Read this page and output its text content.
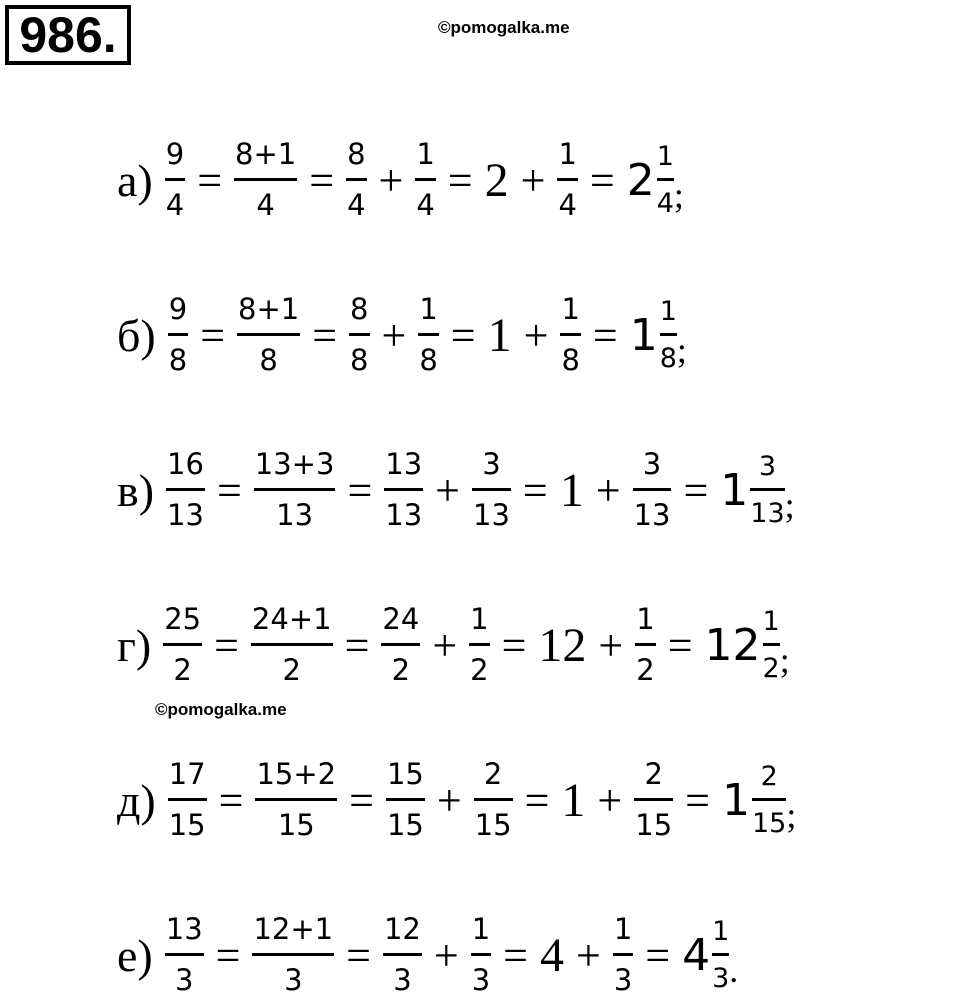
986.	©pomogalka.me
©pomogalka.me
$а) \frac{9}{4} = \frac{8+1}{4} = \frac{8}{4} + \frac{1}{4} = 2 + \frac{1}{4} = 2$ 1
4 ;
$б) \frac{9}{8} = \frac{8+1}{8} = \frac{8}{8} + \frac{1}{8} = 1 + \frac{1}{8} = 1$ 1
8 ;
$в) \frac{16}{13} = \frac{13+3}{13} = \frac{13}{13} + \frac{3}{13} = 1 + \frac{3}{13} = 1$ 3
13 ;
$г) \frac{25}{2} = \frac{24+1}{2} = \frac{24}{2} + \frac{1}{2} = 12 + \frac{1}{2} = 12$ 1
2 ;
$д) \frac{17}{15} = \frac{15+2}{15} = \frac{15}{15} + \frac{2}{15} = 1 + \frac{2}{15} = 1$ 2
15 ;
$е) \frac{13}{3} = \frac{12+1}{3} = \frac{12}{3} + \frac{1}{3} = 4 + \frac{1}{3} = 4$ 1
3 .
